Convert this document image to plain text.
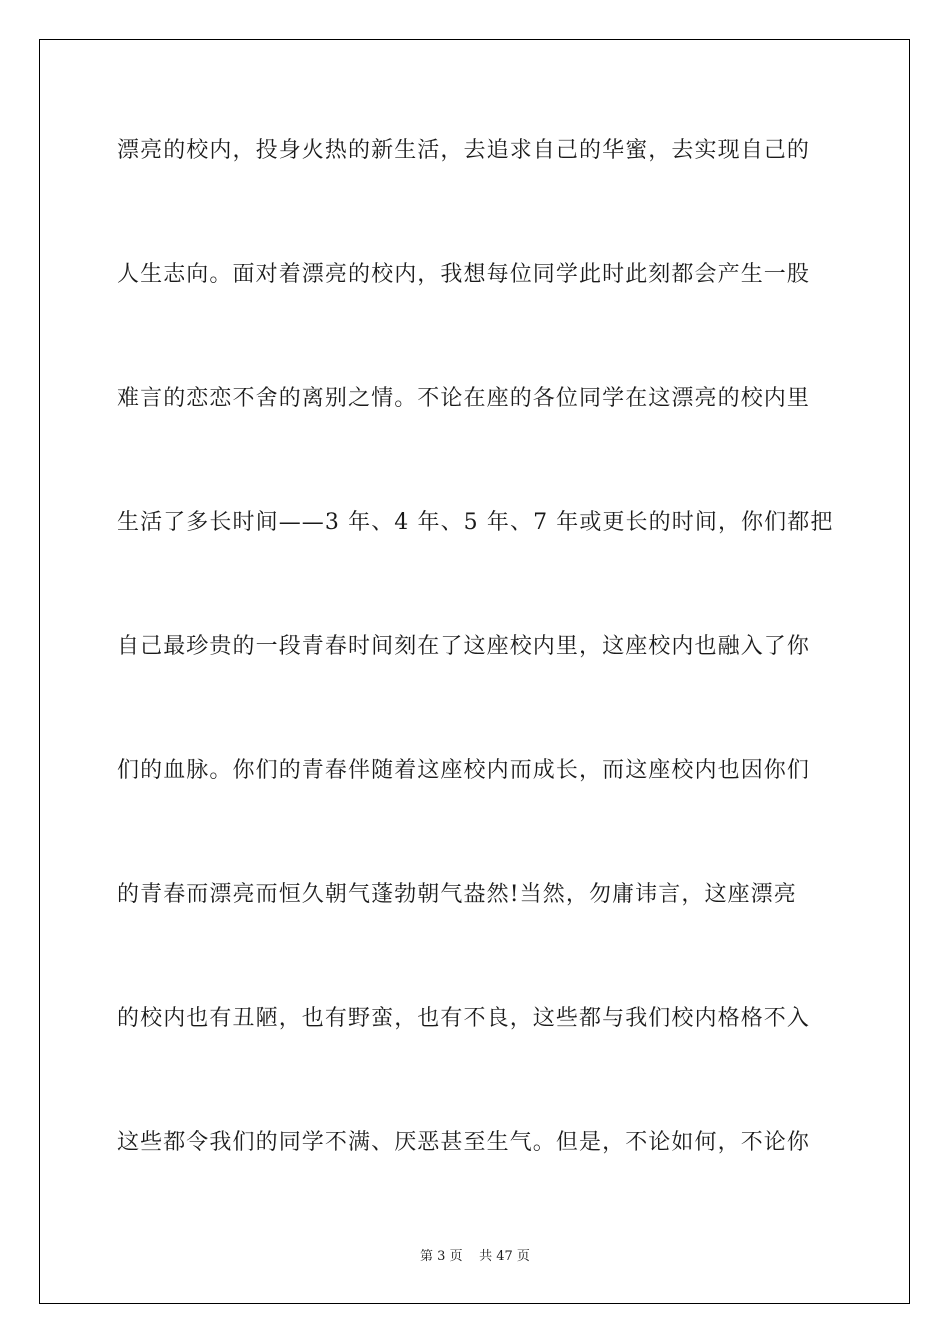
漂亮的校内，投身火热的新生活，去追求自己的华蜜，去实现自己的
人生志向。面对着漂亮的校内，我想每位同学此时此刻都会产生一股
难言的恋恋不舍的离别之情。不论在座的各位同学在这漂亮的校内里
生活了多长时间——3 年、4 年、5 年、7 年或更长的时间，你们都把
自己最珍贵的一段青春时间刻在了这座校内里，这座校内也融入了你
们的血脉。你们的青春伴随着这座校内而成长，而这座校内也因你们
的青春而漂亮而恒久朝气蓬勃朝气盎然!当然，勿庸讳言，这座漂亮
的校内也有丑陋，也有野蛮，也有不良，这些都与我们校内格格不入
这些都令我们的同学不满、厌恶甚至生气。但是，不论如何，不论你
第 3 页 共 47 页
